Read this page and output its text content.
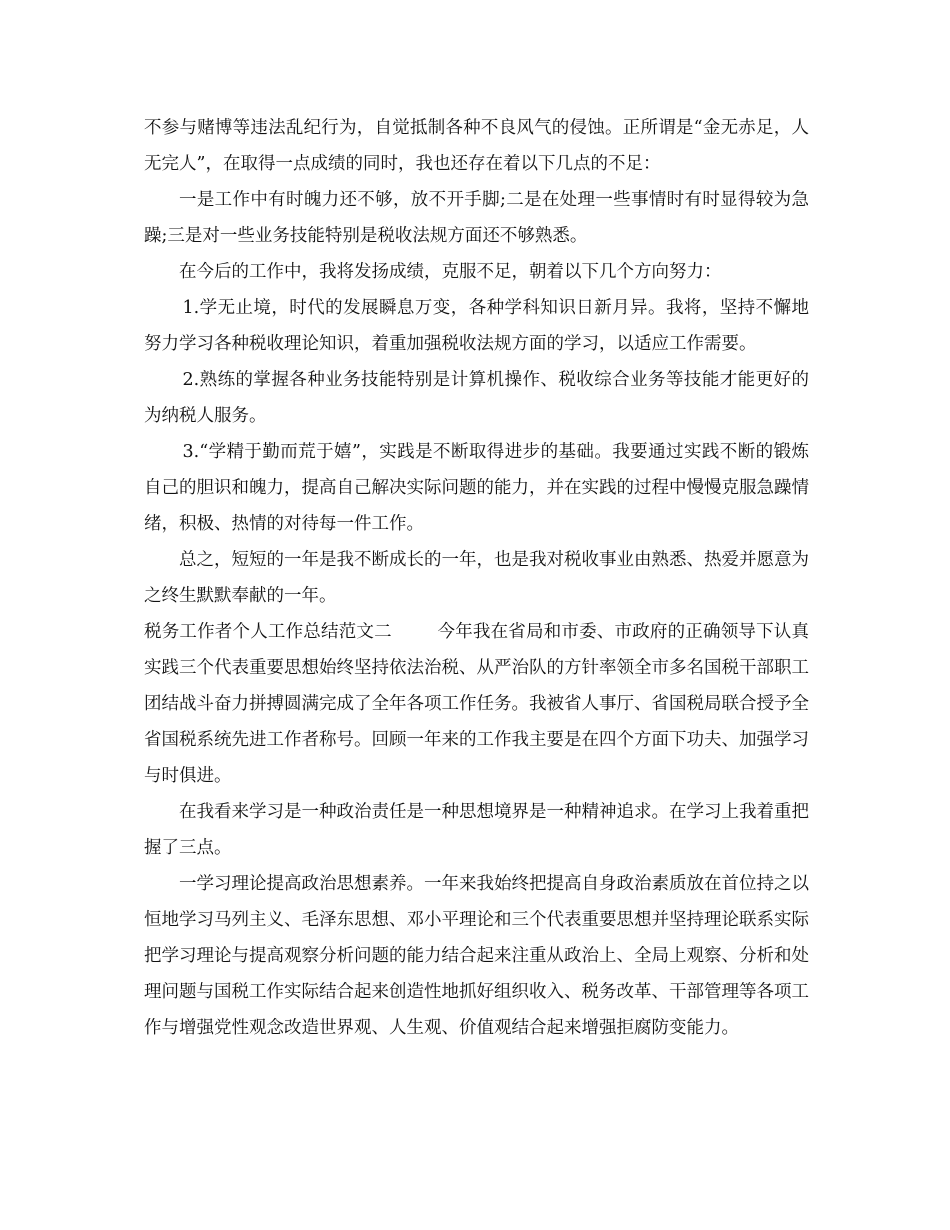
不参与赌博等违法乱纪行为，自觉抵制各种不良风气的侵蚀。正所谓是“金无赤足，人无完人”，在取得一点成绩的同时，我也还存在着以下几点的不足：

一是工作中有时魄力还不够，放不开手脚;二是在处理一些事情时有时显得较为急躁;三是对一些业务技能特别是税收法规方面还不够熟悉。

在今后的工作中，我将发扬成绩，克服不足，朝着以下几个方向努力：

1.学无止境，时代的发展瞬息万变，各种学科知识日新月异。我将，坚持不懈地努力学习各种税收理论知识，着重加强税收法规方面的学习，以适应工作需要。

2.熟练的掌握各种业务技能特别是计算机操作、税收综合业务等技能才能更好的为纳税人服务。

3.“学精于勤而荒于嬉”，实践是不断取得进步的基础。我要通过实践不断的锻炼自己的胆识和魄力，提高自己解决实际问题的能力，并在实践的过程中慢慢克服急躁情绪，积极、热情的对待每一件工作。

总之，短短的一年是我不断成长的一年，也是我对税收事业由熟悉、热爱并愿意为之终生默默奉献的一年。

税务工作者个人工作总结范文二	今年我在省局和市委、市政府的正确领导下认真实践三个代表重要思想始终坚持依法治税、从严治队的方针率领全市多名国税干部职工团结战斗奋力拼搏圆满完成了全年各项工作任务。我被省人事厅、省国税局联合授予全省国税系统先进工作者称号。回顾一年来的工作我主要是在四个方面下功夫、加强学习与时俱进。

在我看来学习是一种政治责任是一种思想境界是一种精神追求。在学习上我着重把握了三点。

一学习理论提高政治思想素养。一年来我始终把提高自身政治素质放在首位持之以恒地学习马列主义、毛泽东思想、邓小平理论和三个代表重要思想并坚持理论联系实际把学习理论与提高观察分析问题的能力结合起来注重从政治上、全局上观察、分析和处理问题与国税工作实际结合起来创造性地抓好组织收入、税务改革、干部管理等各项工作与增强党性观念改造世界观、人生观、价值观结合起来增强拒腐防变能力。
